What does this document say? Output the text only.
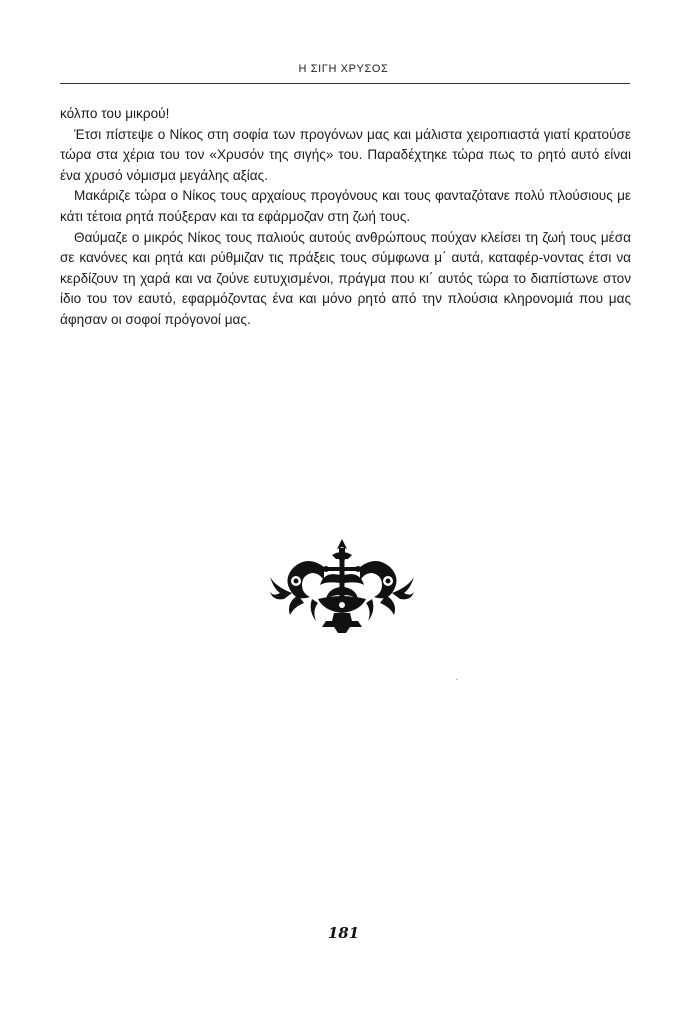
Η ΣΙΓΗ ΧΡΥΣΟΣ

κόλπο του μικρού!

Έτσι πίστεψε ο Νίκος στη σοφία των προγόνων μας και μάλιστα χειροπιαστά γιατί κρατούσε τώρα στα χέρια του τον «Χρυσόν της σιγής» του. Παραδέχτηκε τώρα πως το ρητό αυτό είναι ένα χρυσό νόμισμα μεγάλης αξίας.

Μακάριζε τώρα ο Νίκος τους αρχαίους προγόνους και τους φανταζότανε πολύ πλούσιους με κάτι τέτοια ρητά πούξεραν και τα εφάρμοζαν στη ζωή τους.

Θαύμαζε ο μικρός Νίκος τους παλιούς αυτούς ανθρώπους πούχαν κλείσει τη ζωή τους μέσα σε κανόνες και ρητά και ρύθμιζαν τις πράξεις τους σύμφωνα μ΄ αυτά, καταφέρ-νοντας έτσι να κερδίζουν τη χαρά και να ζούνε ευτυχισμένοι, πράγμα που κι΄ αυτός τώρα το διαπίστωνε στον ίδιο του τον εαυτό, εφαρμόζοντας ένα και μόνο ρητό από την πλούσια κληρονομιά που μας άφησαν οι σοφοί πρόγονοί μας.

181
